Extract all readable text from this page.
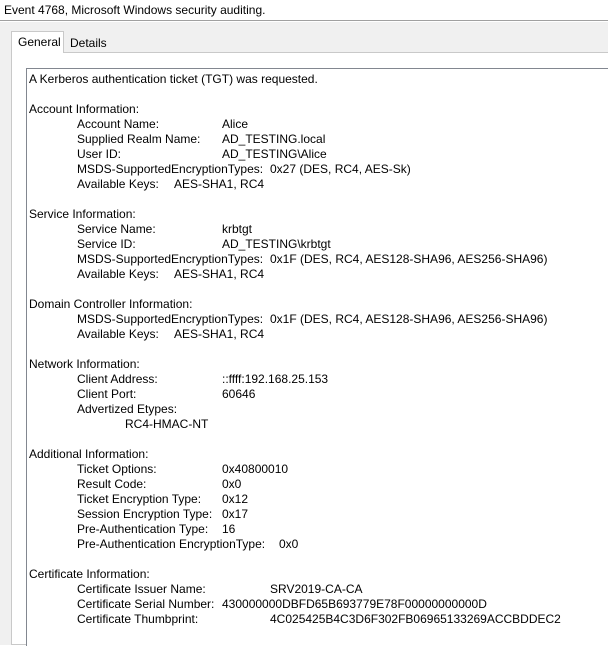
Event 4768, Microsoft Windows security auditing.
General Details
A Kerberos authentication ticket (TGT) was requested.
Account Information:
Account Name:	Alice
Supplied Realm Name: AD_TESTING.local
User ID:	AD_TESTING\Alice
MSDS-SupportedEncryptionTypes: 0x27 (DES, RC4, AES-Sk)
Available Keys: AES-SHA1, RC4
Service Information:
Service Name:	krbtgt
Service ID:	AD_TESTING\krbtgt
MSDS-SupportedEncryptionTypes: 0x1F (DES, RC4, AES128-SHA96, AES256-SHA96)
Available Keys: AES-SHA1, RC4
Domain Controller Information:
MSDS-SupportedEncryptionTypes: 0x1F (DES, RC4, AES128-SHA96, AES256-SHA96)
Available Keys: AES-SHA1, RC4
Network Information:
Client Address:	::ffff:192.168.25.153
Client Port:	60646
Advertized Etypes:
RC4-HMAC-NT
Additional Information:
Ticket Options:	0x40800010
Result Code:	0x0
Ticket Encryption Type: 0x12
Session Encryption Type: 0x17
Pre-Authentication Type: 16
Pre-Authentication EncryptionType: 0x0
Certificate Information:
Certificate Issuer Name:	SRV2019-CA-CA
Certificate Serial Number: 430000000DBFD65B693779E78F00000000000D
Certificate Thumbprint:	4C025425B4C3D6F302FB06965133269ACCBDDEC2
